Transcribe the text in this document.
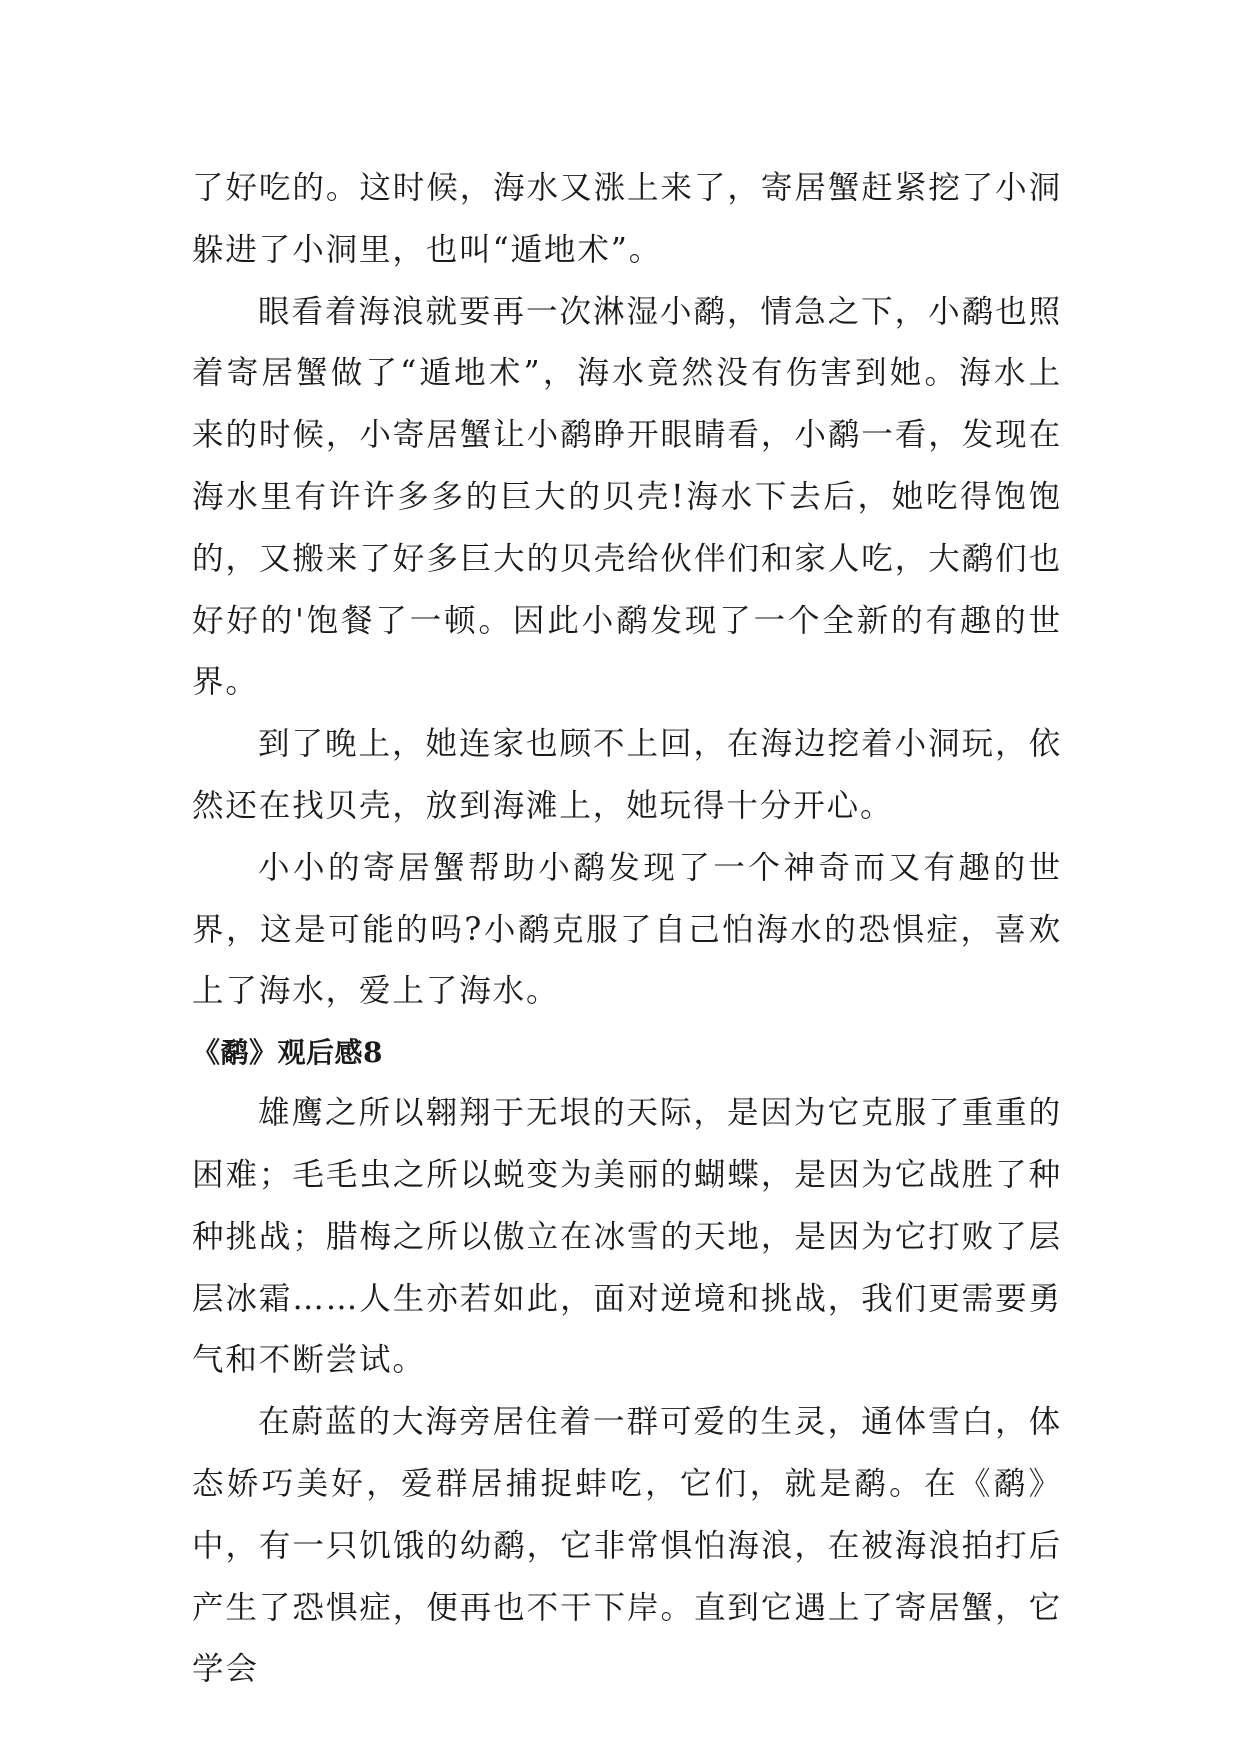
了好吃的。这时候，海水又涨上来了，寄居蟹赶紧挖了小洞躲进了小洞里，也叫“遁地术”。

眼看着海浪就要再一次淋湿小鹬，情急之下，小鹬也照着寄居蟹做了“遁地术”，海水竟然没有伤害到她。海水上来的时候，小寄居蟹让小鹬睁开眼睛看，小鹬一看，发现在海水里有许许多多的巨大的贝壳!海水下去后，她吃得饱饱的，又搬来了好多巨大的贝壳给伙伴们和家人吃，大鹬们也好好的'饱餐了一顿。因此小鹬发现了一个全新的有趣的世界。

到了晚上，她连家也顾不上回，在海边挖着小洞玩，依然还在找贝壳，放到海滩上，她玩得十分开心。

小小的寄居蟹帮助小鹬发现了一个神奇而又有趣的世界，这是可能的吗?小鹬克服了自己怕海水的恐惧症，喜欢上了海水，爱上了海水。

《鹬》观后感8

雄鹰之所以翱翔于无垠的天际，是因为它克服了重重的困难；毛毛虫之所以蜕变为美丽的蝴蝶，是因为它战胜了种种挑战；腊梅之所以傲立在冰雪的天地，是因为它打败了层层冰霜……人生亦若如此，面对逆境和挑战，我们更需要勇气和不断尝试。

在蔚蓝的大海旁居住着一群可爱的生灵，通体雪白，体态娇巧美好，爱群居捕捉蚌吃，它们，就是鹬。在《鹬》中，有一只饥饿的幼鹬，它非常惧怕海浪，在被海浪拍打后产生了恐惧症，便再也不干下岸。直到它遇上了寄居蟹，它学会
